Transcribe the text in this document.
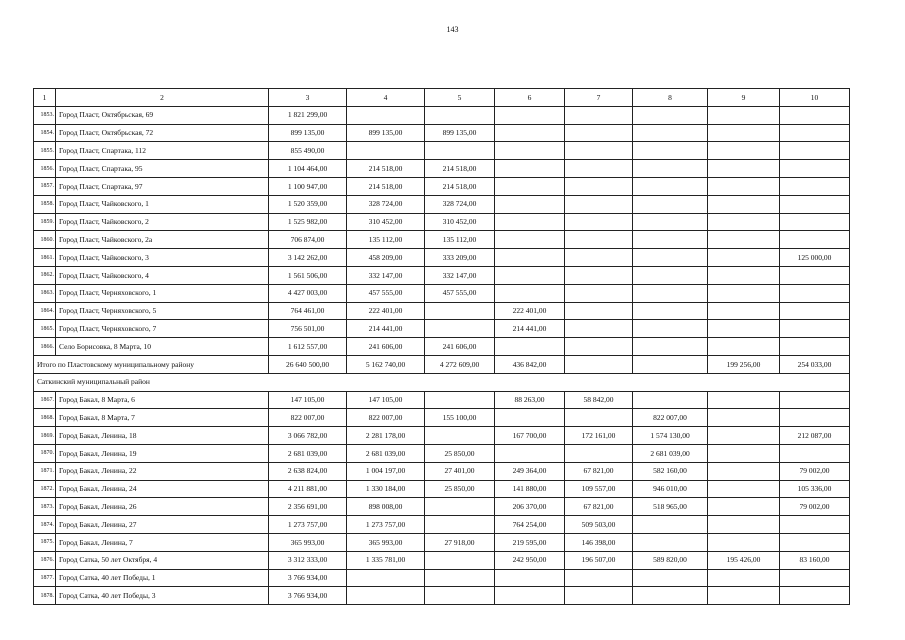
143
1	2	3	4	5	6	7	8	9	10
1853.	Город Пласт, Октябрьская, 69	1 821 299,00							
1854.	Город Пласт, Октябрьская, 72	899 135,00	899 135,00	899 135,00					
1855.	Город Пласт, Спартака, 112	855 490,00							
1856.	Город Пласт, Спартака, 95	1 104 464,00	214 518,00	214 518,00					
1857.	Город Пласт, Спартака, 97	1 100 947,00	214 518,00	214 518,00					
1858.	Город Пласт, Чайковского, 1	1 520 359,00	328 724,00	328 724,00					
1859.	Город Пласт, Чайковского, 2	1 525 982,00	310 452,00	310 452,00					
1860.	Город Пласт, Чайковского, 2а	706 874,00	135 112,00	135 112,00					
1861.	Город Пласт, Чайковского, 3	3 142 262,00	458 209,00	333 209,00					125 000,00
1862.	Город Пласт, Чайковского, 4	1 561 506,00	332 147,00	332 147,00					
1863.	Город Пласт, Черняховского, 1	4 427 003,00	457 555,00	457 555,00					
1864.	Город Пласт, Черняховского, 5	764 461,00	222 401,00		222 401,00				
1865.	Город Пласт, Черняховского, 7	756 501,00	214 441,00		214 441,00				
1866.	Село Борисовка, 8 Марта, 10	1 612 557,00	241 606,00	241 606,00					
Итого по Пластовскому муниципальному району		26 640 500,00	5 162 740,00	4 272 609,00	436 842,00			199 256,00	254 033,00
Саткинский муниципальный район									
1867.	Город Бакал, 8 Марта, 6	147 105,00	147 105,00		88 263,00	58 842,00			
1868.	Город Бакал, 8 Марта, 7	822 007,00	822 007,00	155 100,00			822 007,00		
1869.	Город Бакал, Ленина, 18	3 066 782,00	2 281 178,00		167 700,00	172 161,00	1 574 130,00		212 087,00
1870.	Город Бакал, Ленина, 19	2 681 039,00	2 681 039,00	25 850,00			2 681 039,00		
1871.	Город Бакал, Ленина, 22	2 638 824,00	1 004 197,00	27 401,00	249 364,00	67 821,00	582 160,00		79 002,00
1872.	Город Бакал, Ленина, 24	4 211 881,00	1 330 184,00	25 850,00	141 880,00	109 557,00	946 010,00		105 336,00
1873.	Город Бакал, Ленина, 26	2 356 691,00	898 008,00		206 370,00	67 821,00	518 965,00		79 002,00
1874.	Город Бакал, Ленина, 27	1 273 757,00	1 273 757,00		764 254,00	509 503,00			
1875.	Город Бакал, Ленина, 7	365 993,00	365 993,00	27 918,00	219 595,00	146 398,00			
1876.	Город Сатка, 50 лет Октября, 4	3 312 333,00	1 335 781,00		242 950,00	196 507,00	589 820,00	195 426,00	83 160,00
1877.	Город Сатка, 40 лет Победы, 1	3 766 934,00							
1878.	Город Сатка, 40 лет Победы, 3	3 766 934,00							
